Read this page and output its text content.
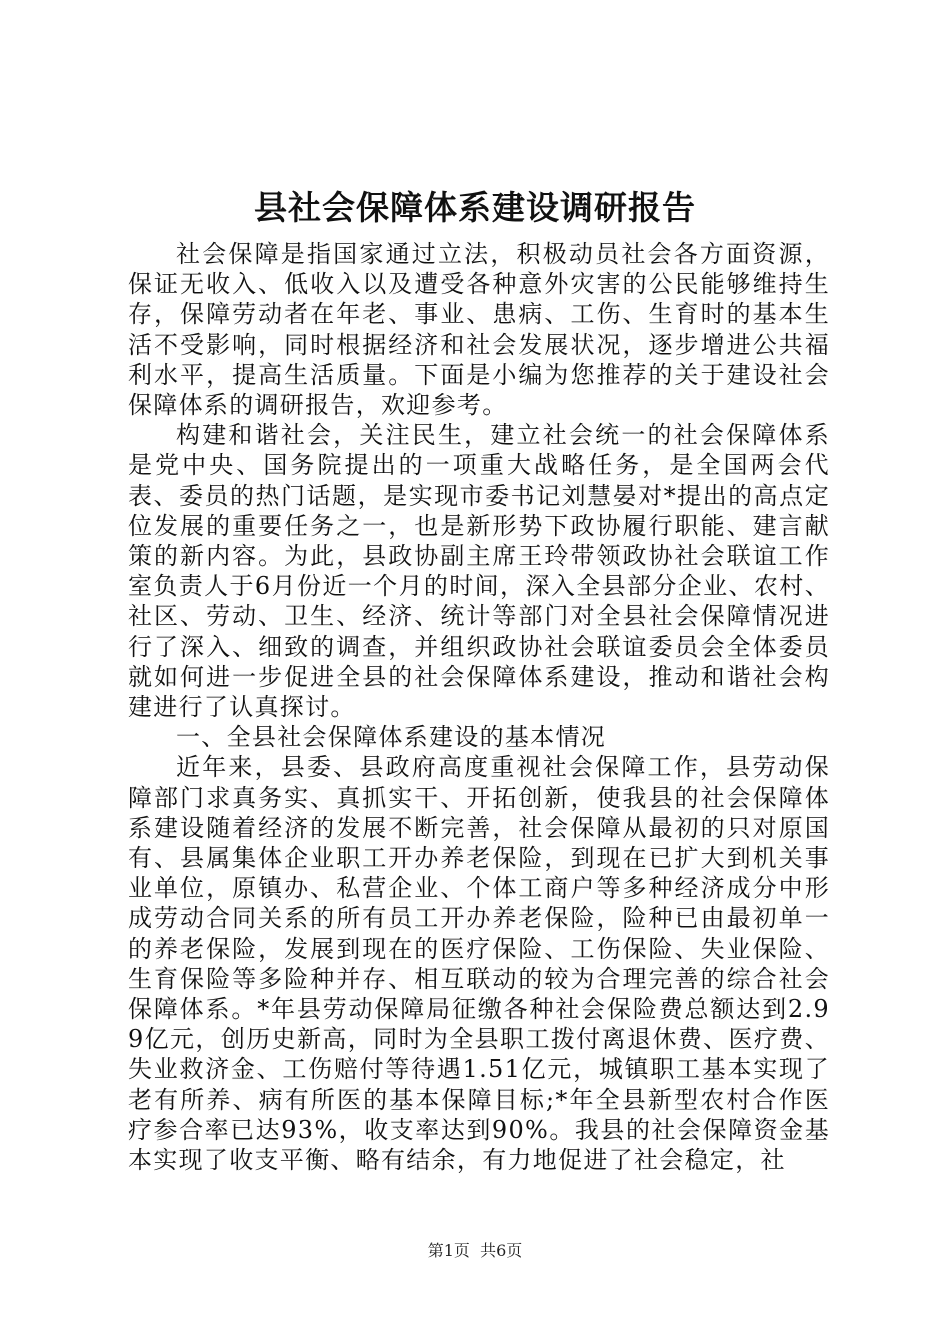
县社会保障体系建设调研报告

社会保障是指国家通过立法，积极动员社会各方面资源，保证无收入、低收入以及遭受各种意外灾害的公民能够维持生存，保障劳动者在年老、事业、患病、工伤、生育时的基本生活不受影响，同时根据经济和社会发展状况，逐步增进公共福利水平，提高生活质量。下面是小编为您推荐的关于建设社会保障体系的调研报告，欢迎参考。

构建和谐社会，关注民生，建立社会统一的社会保障体系是党中央、国务院提出的一项重大战略任务，是全国两会代表、委员的热门话题，是实现市委书记刘慧晏对*提出的高点定位发展的重要任务之一，也是新形势下政协履行职能、建言献策的新内容。为此，县政协副主席王玲带领政协社会联谊工作室负责人于6月份近一个月的时间，深入全县部分企业、农村、社区、劳动、卫生、经济、统计等部门对全县社会保障情况进行了深入、细致的调查，并组织政协社会联谊委员会全体委员就如何进一步促进全县的社会保障体系建设，推动和谐社会构建进行了认真探讨。

一、全县社会保障体系建设的基本情况

近年来，县委、县政府高度重视社会保障工作，县劳动保障部门求真务实、真抓实干、开拓创新，使我县的社会保障体系建设随着经济的发展不断完善，社会保障从最初的只对原国有、县属集体企业职工开办养老保险，到现在已扩大到机关事业单位，原镇办、私营企业、个体工商户等多种经济成分中形成劳动合同关系的所有员工开办养老保险，险种已由最初单一的养老保险，发展到现在的医疗保险、工伤保险、失业保险、生育保险等多险种并存、相互联动的较为合理完善的综合社会保障体系。*年县劳动保障局征缴各种社会保险费总额达到2.99亿元，创历史新高，同时为全县职工拨付离退休费、医疗费、失业救济金、工伤赔付等待遇1.51亿元，城镇职工基本实现了老有所养、病有所医的基本保障目标;*年全县新型农村合作医疗参合率已达93%，收支率达到90%。我县的社会保障资金基本实现了收支平衡、略有结余，有力地促进了社会稳定，社

第1页 共6页
